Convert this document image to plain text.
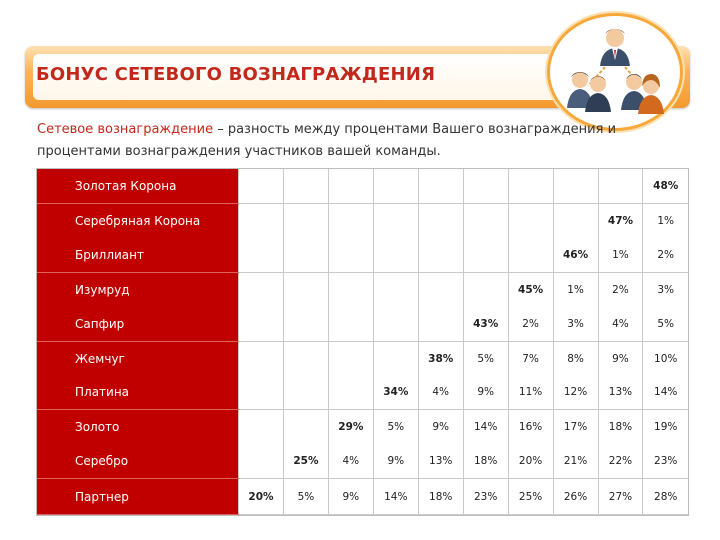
БОНУС СЕТЕВОГО ВОЗНАГРАЖДЕНИЯ
Сетевое вознаграждение – разность между процентами Вашего вознаграждения и процентами вознаграждения участников вашей команды.
Золотая Корона										48%
Серебряная Корона									47%	1%
Бриллиант								46%	1%	2%
Изумруд							45%	1%	2%	3%
Сапфир						43%	2%	3%	4%	5%
Жемчуг					38%	5%	7%	8%	9%	10%
Платина				34%	4%	9%	11%	12%	13%	14%
Золото			29%	5%	9%	14%	16%	17%	18%	19%
Серебро		25%	4%	9%	13%	18%	20%	21%	22%	23%
Партнер	20%	5%	9%	14%	18%	23%	25%	26%	27%	28%
